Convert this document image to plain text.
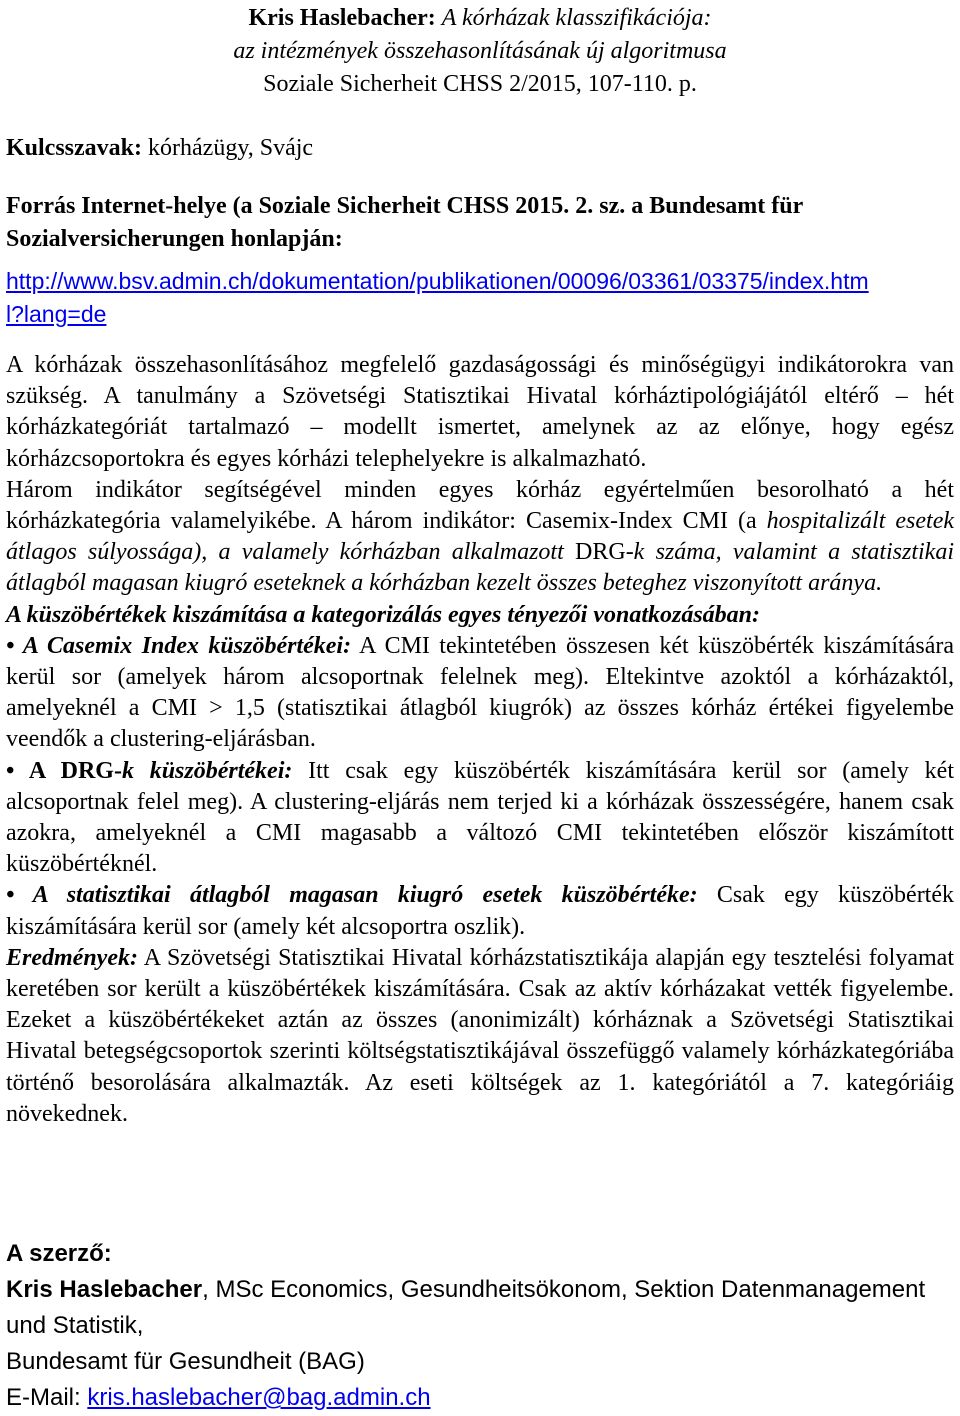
Kris Haslebacher: A kórházak klasszifikációja:
az intézmények összehasonlításának új algoritmusa
Soziale Sicherheit CHSS 2/2015, 107-110. p.
Kulcsszavak: kórházügy, Svájc
Forrás Internet-helye (a Soziale Sicherheit CHSS 2015. 2. sz. a Bundesamt für Sozialversicherungen honlapján:
http://www.bsv.admin.ch/dokumentation/publikationen/00096/03361/03375/index.htm
l?lang=de

A kórházak összehasonlításához megfelelő gazdaságossági és minőségügyi indikátorokra van szükség. A tanulmány a Szövetségi Statisztikai Hivatal kórháztipológiájától eltérő – hét kórházkategóriát tartalmazó – modellt ismertet, amelynek az az előnye, hogy egész kórházcsoportokra és egyes kórházi telephelyekre is alkalmazható.

Három indikátor segítségével minden egyes kórház egyértelműen besorolható a hét kórházkategória valamelyikébe. A három indikátor: Casemix-Index CMI (a hospitalizált esetek átlagos súlyossága), a valamely kórházban alkalmazott DRG-k száma, valamint a statisztikai átlagból magasan kiugró eseteknek a kórházban kezelt összes beteghez viszonyított aránya.

A küszöbértékek kiszámítása a kategorizálás egyes tényezői vonatkozásában:

• A Casemix Index küszöbértékei: A CMI tekintetében összesen két küszöbérték kiszámítására kerül sor (amelyek három alcsoportnak felelnek meg). Eltekintve azoktól a kórházaktól, amelyeknél a CMI > 1,5 (statisztikai átlagból kiugrók) az összes kórház értékei figyelembe veendők a clustering-eljárásban.

• A DRG-k küszöbértékei: Itt csak egy küszöbérték kiszámítására kerül sor (amely két alcsoportnak felel meg). A clustering-eljárás nem terjed ki a kórházak összességére, hanem csak azokra, amelyeknél a CMI magasabb a változó CMI tekintetében először kiszámított küszöbértéknél.

• A statisztikai átlagból magasan kiugró esetek küszöbértéke: Csak egy küszöbérték kiszámítására kerül sor (amely két alcsoportra oszlik).

Eredmények: A Szövetségi Statisztikai Hivatal kórházstatisztikája alapján egy tesztelési folyamat keretében sor került a küszöbértékek kiszámítására. Csak az aktív kórházakat vették figyelembe. Ezeket a küszöbértékeket aztán az összes (anonimizált) kórháznak a Szövetségi Statisztikai Hivatal betegségcsoportok szerinti költségstatisztikájával összefüggő valamely kórházkategóriába történő besorolására alkalmazták. Az eseti költségek az 1. kategóriától a 7. kategóriáig növekednek.

A szerző:

Kris Haslebacher, MSc Economics, Gesundheitsökonom, Sektion Datenmanagement und Statistik,

Bundesamt für Gesundheit (BAG)

E-Mail: kris.haslebacher@bag.admin.ch
